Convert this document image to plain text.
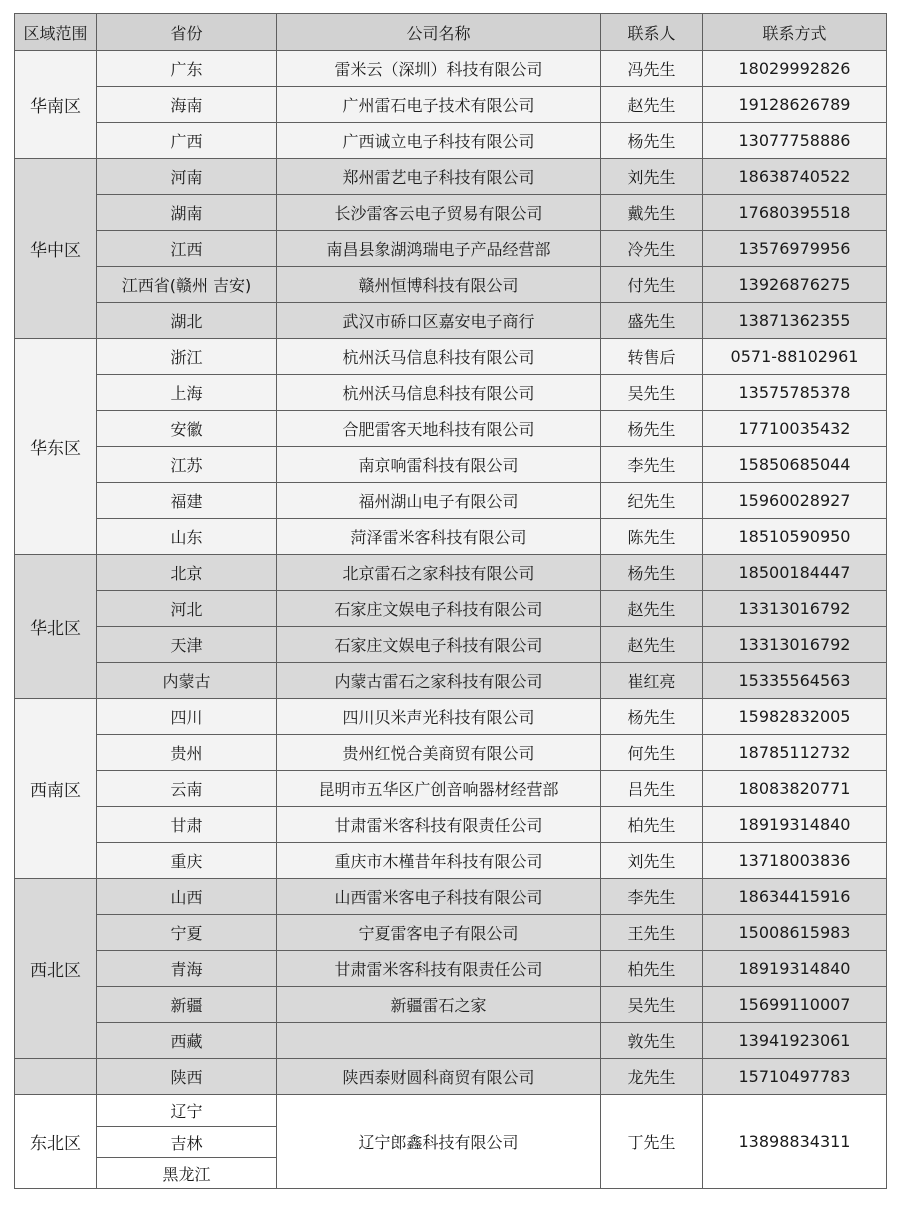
区域范围	省份	公司名称	联系人	联系方式
华南区	广东	雷米云（深圳）科技有限公司	冯先生	18029992826
	海南	广州雷石电子技术有限公司	赵先生	19128626789
	广西	广西诚立电子科技有限公司	杨先生	13077758886
华中区	河南	郑州雷艺电子科技有限公司	刘先生	18638740522
	湖南	长沙雷客云电子贸易有限公司	戴先生	17680395518
	江西	南昌县象湖鸿瑞电子产品经营部	冷先生	13576979956
	江西省(赣州 吉安)	赣州恒博科技有限公司	付先生	13926876275
	湖北	武汉市硚口区嘉安电子商行	盛先生	13871362355
华东区	浙江	杭州沃马信息科技有限公司	转售后	0571-88102961
	上海	杭州沃马信息科技有限公司	吴先生	13575785378
	安徽	合肥雷客天地科技有限公司	杨先生	17710035432
	江苏	南京响雷科技有限公司	李先生	15850685044
	福建	福州湖山电子有限公司	纪先生	15960028927
	山东	菏泽雷米客科技有限公司	陈先生	18510590950
华北区	北京	北京雷石之家科技有限公司	杨先生	18500184447
	河北	石家庄文娱电子科技有限公司	赵先生	13313016792
	天津	石家庄文娱电子科技有限公司	赵先生	13313016792
	内蒙古	内蒙古雷石之家科技有限公司	崔红亮	15335564563
西南区	四川	四川贝米声光科技有限公司	杨先生	15982832005
	贵州	贵州红悦合美商贸有限公司	何先生	18785112732
	云南	昆明市五华区广创音响器材经营部	吕先生	18083820771
	甘肃	甘肃雷米客科技有限责任公司	柏先生	18919314840
	重庆	重庆市木槿昔年科技有限公司	刘先生	13718003836
西北区	山西	山西雷米客电子科技有限公司	李先生	18634415916
	宁夏	宁夏雷客电子有限公司	王先生	15008615983
	青海	甘肃雷米客科技有限责任公司	柏先生	18919314840
	新疆	新疆雷石之家	吴先生	15699110007
	西藏		敦先生	13941923061
	陕西	陕西泰财圆科商贸有限公司	龙先生	15710497783
东北区	辽宁	辽宁郎鑫科技有限公司	丁先生	13898834311
	吉林			
	黑龙江			
